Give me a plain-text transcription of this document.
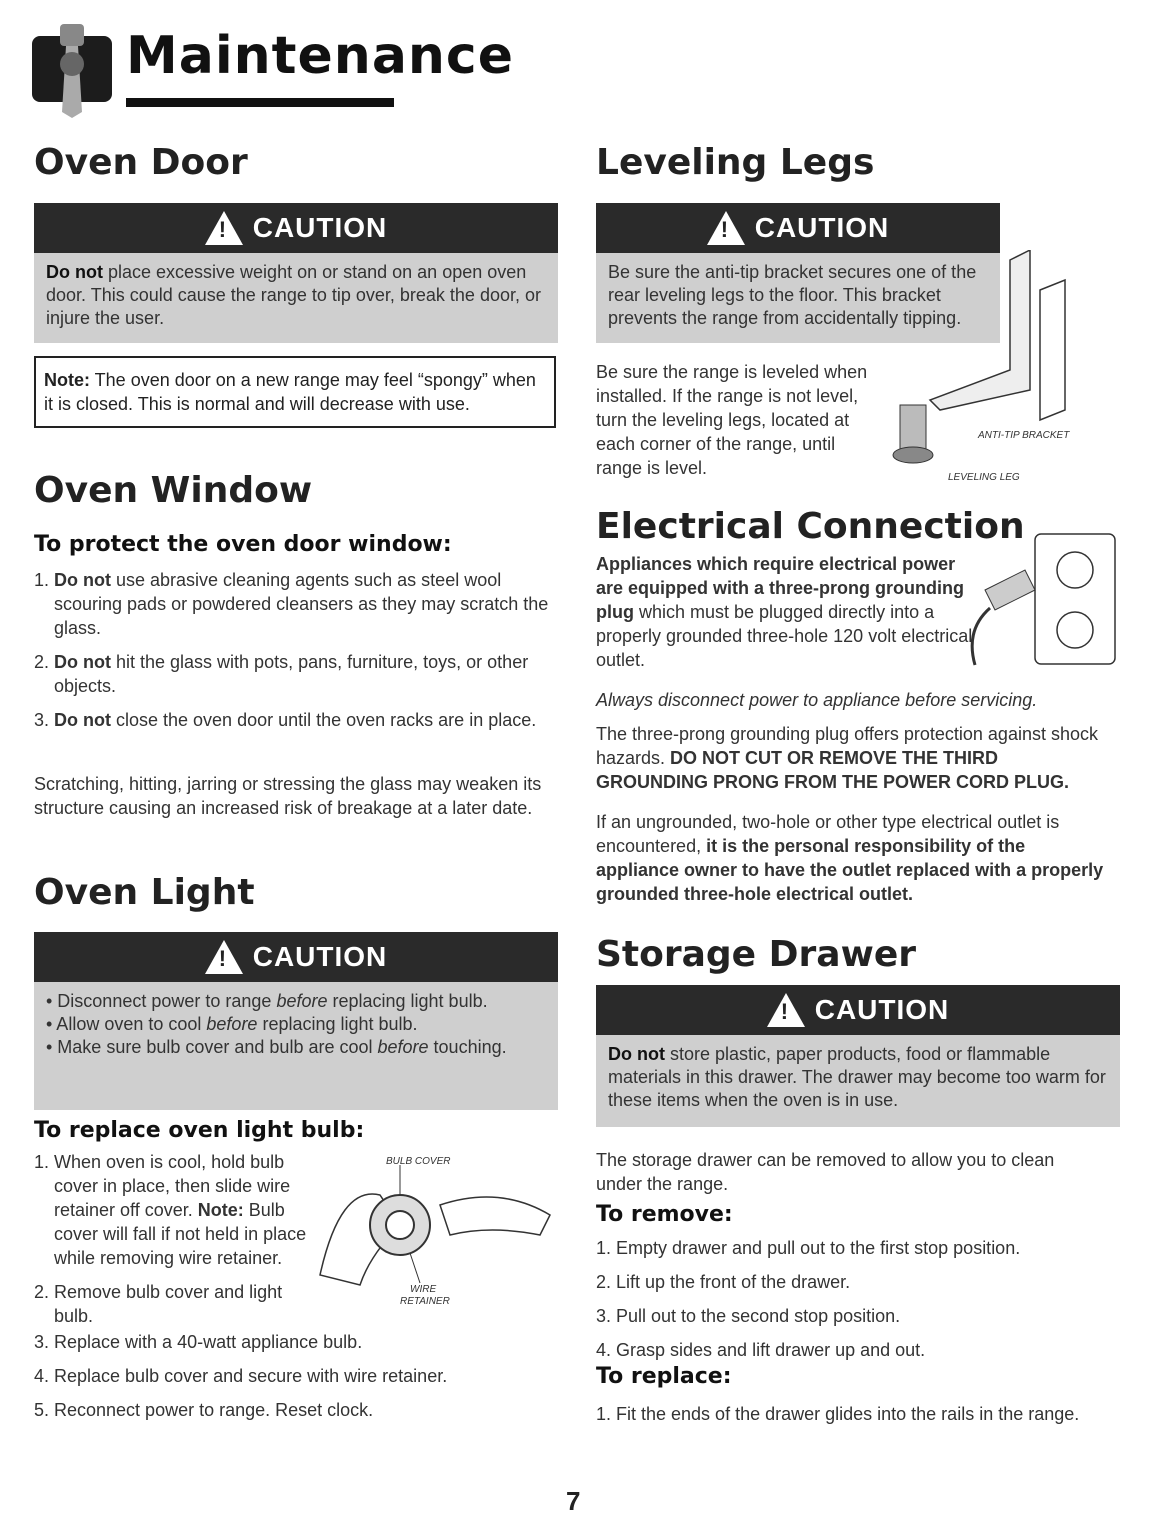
Maintenance
Oven Door
! CAUTION
Do not place excessive weight on or stand on an open oven door. This could cause the range to tip over, break the door, or injure the user.
Note: The oven door on a new range may feel “spongy” when it is closed. This is normal and will decrease with use.
Oven Window
To protect the oven door window:
1. Do not use abrasive cleaning agents such as steel wool scouring pads or powdered cleansers as they may scratch the glass.
2. Do not hit the glass with pots, pans, furniture, toys, or other objects.
3. Do not close the oven door until the oven racks are in place.
Scratching, hitting, jarring or stressing the glass may weaken its structure causing an increased risk of breakage at a later date.
Oven Light
! CAUTION
• Disconnect power to range before replacing light bulb.
• Allow oven to cool before replacing light bulb.
• Make sure bulb cover and bulb are cool before touching.
To replace oven light bulb:
1. When oven is cool, hold bulb cover in place, then slide wire retainer off cover. Note: Bulb cover will fall if not held in place while removing wire retainer.
2. Remove bulb cover and light bulb.
3. Replace with a 40-watt appliance bulb.
4. Replace bulb cover and secure with wire retainer.
5. Reconnect power to range. Reset clock.
BULB COVER
WIRE
RETAINER
Leveling Legs
! CAUTION
Be sure the anti-tip bracket secures one of the rear leveling legs to the floor. This bracket prevents the range from accidentally tipping.
Be sure the range is leveled when installed. If the range is not level, turn the leveling legs, located at each corner of the range, until range is level.
ANTI-TIP BRACKET
LEVELING LEG
Electrical Connection
Appliances which require electrical power are equipped with a three-prong grounding plug which must be plugged directly into a properly grounded three-hole 120 volt electrical outlet.
Always disconnect power to appliance before servicing.
The three-prong grounding plug offers protection against shock hazards. DO NOT CUT OR REMOVE THE THIRD GROUNDING PRONG FROM THE POWER CORD PLUG.
If an ungrounded, two-hole or other type electrical outlet is encountered, it is the personal responsibility of the appliance owner to have the outlet replaced with a properly grounded three-hole electrical outlet.
Storage Drawer
! CAUTION
Do not store plastic, paper products, food or flammable materials in this drawer. The drawer may become too warm for these items when the oven is in use.
The storage drawer can be removed to allow you to clean under the range.
To remove:
1. Empty drawer and pull out to the first stop position.
2. Lift up the front of the drawer.
3. Pull out to the second stop position.
4. Grasp sides and lift drawer up and out.
To replace:
1. Fit the ends of the drawer glides into the rails in the range.
7
